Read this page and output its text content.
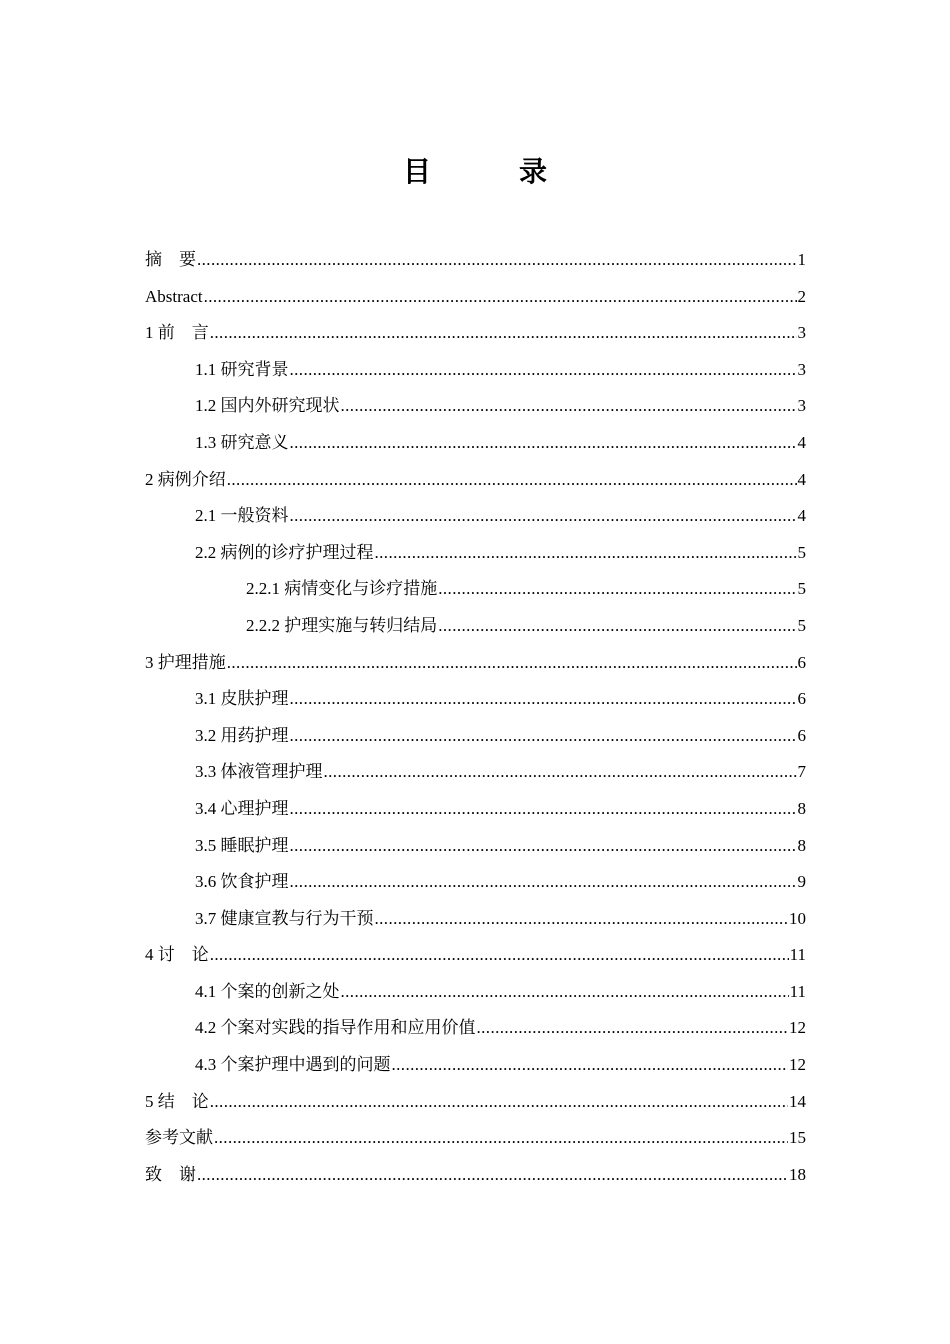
目　录
摘　要 .....	1
Abstract .....	2
1 前　言 .....	3
1.1 研究背景 .....	3
1.2 国内外研究现状 .....	3
1.3 研究意义 .....	4
2 病例介绍 .....	4
2.1 一般资料 .....	4
2.2 病例的诊疗护理过程 .....	5
2.2.1 病情变化与诊疗措施 .....	5
2.2.2 护理实施与转归结局 .....	5
3 护理措施 .....	6
3.1 皮肤护理 .....	6
3.2 用药护理 .....	6
3.3 体液管理护理 .....	7
3.4 心理护理 .....	8
3.5 睡眠护理 .....	8
3.6 饮食护理 .....	9
3.7 健康宣教与行为干预 .....	10
4 讨　论 .....	11
4.1 个案的创新之处 .....	11
4.2 个案对实践的指导作用和应用价值 .....	12
4.3 个案护理中遇到的问题 .....	12
5 结　论 .....	14
参考文献 .....	15
致　谢 .....	18
